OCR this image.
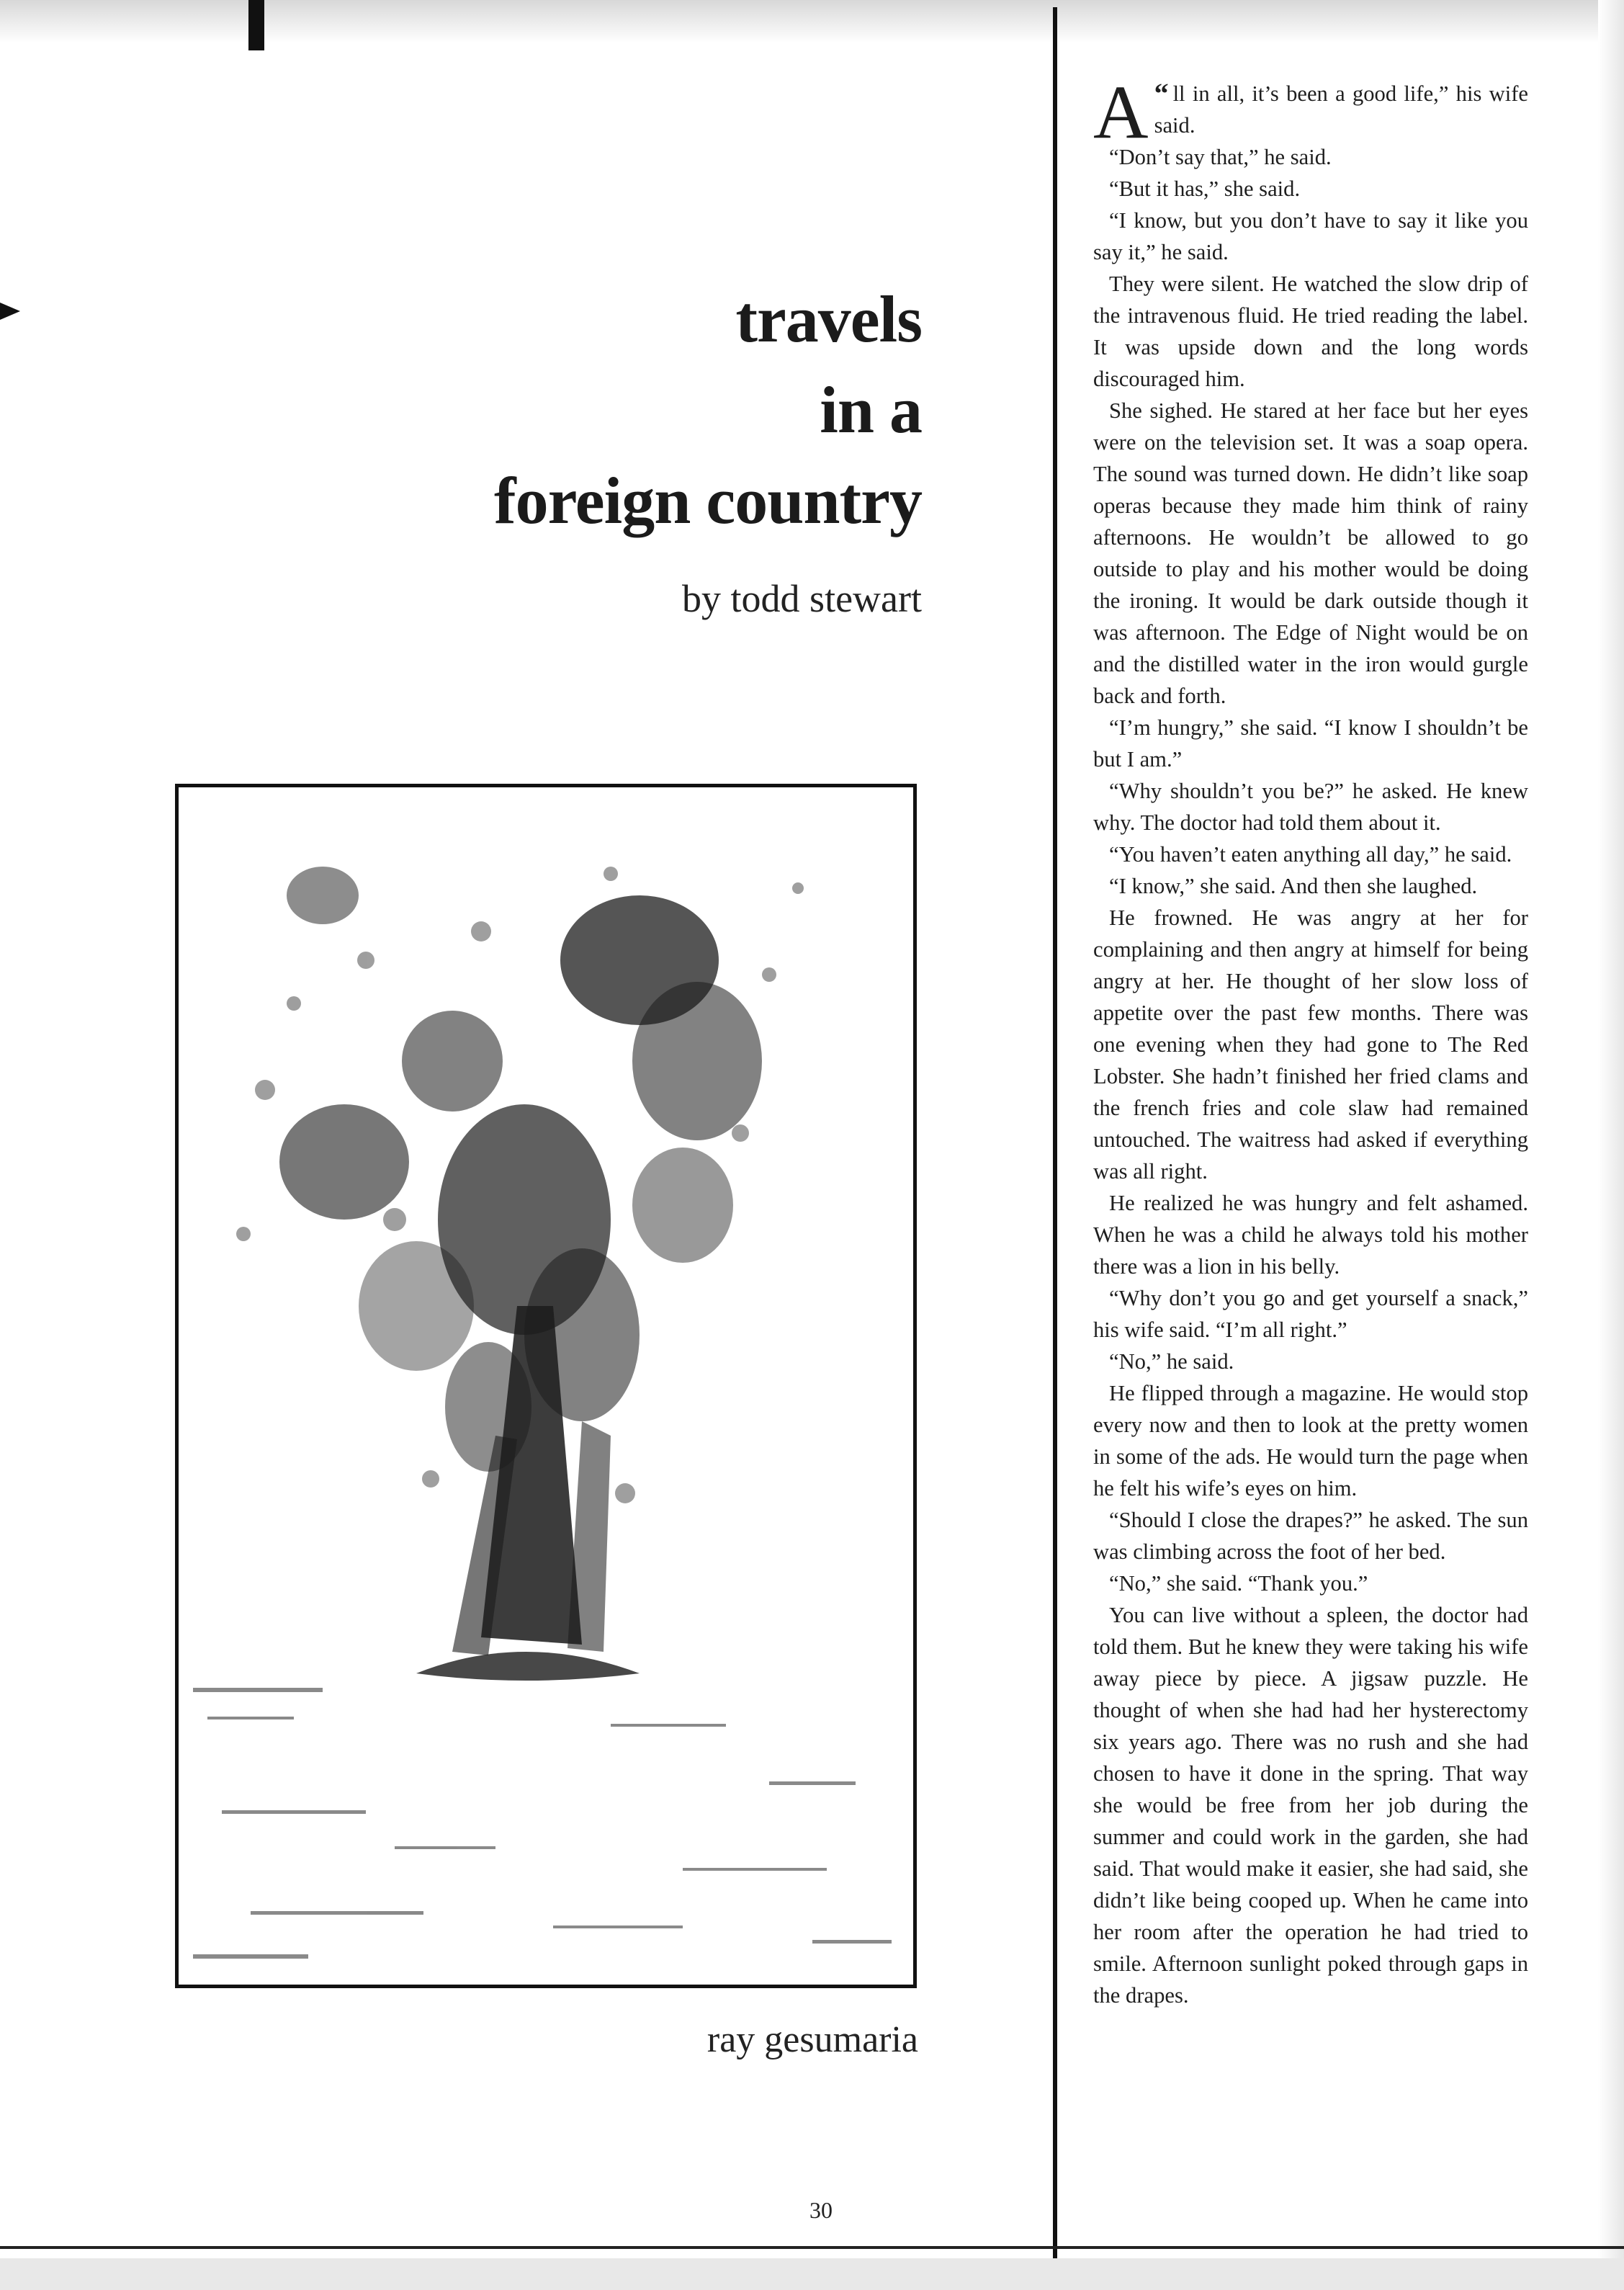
travels
in a
foreign country
by todd stewart
ray gesumaria
30

“
A ll in all, it’s been a good life,” his wife said.

“Don’t say that,” he said.

“But it has,” she said.

“I know, but you don’t have to say it like you say it,” he said.

They were silent. He watched the slow drip of the intravenous fluid. He tried reading the label. It was upside down and the long words discouraged him.

She sighed. He stared at her face but her eyes were on the television set. It was a soap opera. The sound was turned down. He didn’t like soap operas because they made him think of rainy afternoons. He wouldn’t be allowed to go outside to play and his mother would be doing the ironing. It would be dark outside though it was afternoon. The Edge of Night would be on and the distilled water in the iron would gurgle back and forth.

“I’m hungry,” she said. “I know I shouldn’t be but I am.”

“Why shouldn’t you be?” he asked. He knew why. The doctor had told them about it.

“You haven’t eaten anything all day,” he said.

“I know,” she said. And then she laughed.

He frowned. He was angry at her for complaining and then angry at himself for being angry at her. He thought of her slow loss of appetite over the past few months. There was one evening when they had gone to The Red Lobster. She hadn’t finished her fried clams and the french fries and cole slaw had remained untouched. The waitress had asked if everything was all right.

He realized he was hungry and felt ashamed. When he was a child he always told his mother there was a lion in his belly.

“Why don’t you go and get yourself a snack,” his wife said. “I’m all right.”

“No,” he said.

He flipped through a magazine. He would stop every now and then to look at the pretty women in some of the ads. He would turn the page when he felt his wife’s eyes on him.

“Should I close the drapes?” he asked. The sun was climbing across the foot of her bed.

“No,” she said. “Thank you.”

You can live without a spleen, the doctor had told them. But he knew they were taking his wife away piece by piece. A jigsaw puzzle. He thought of when she had had her hysterectomy six years ago. There was no rush and she had chosen to have it done in the spring. That way she would be free from her job during the summer and could work in the garden, she had said. That would make it easier, she had said, she didn’t like being cooped up. When he came into her room after the operation he had tried to smile. Afternoon sunlight poked through gaps in the drapes.
